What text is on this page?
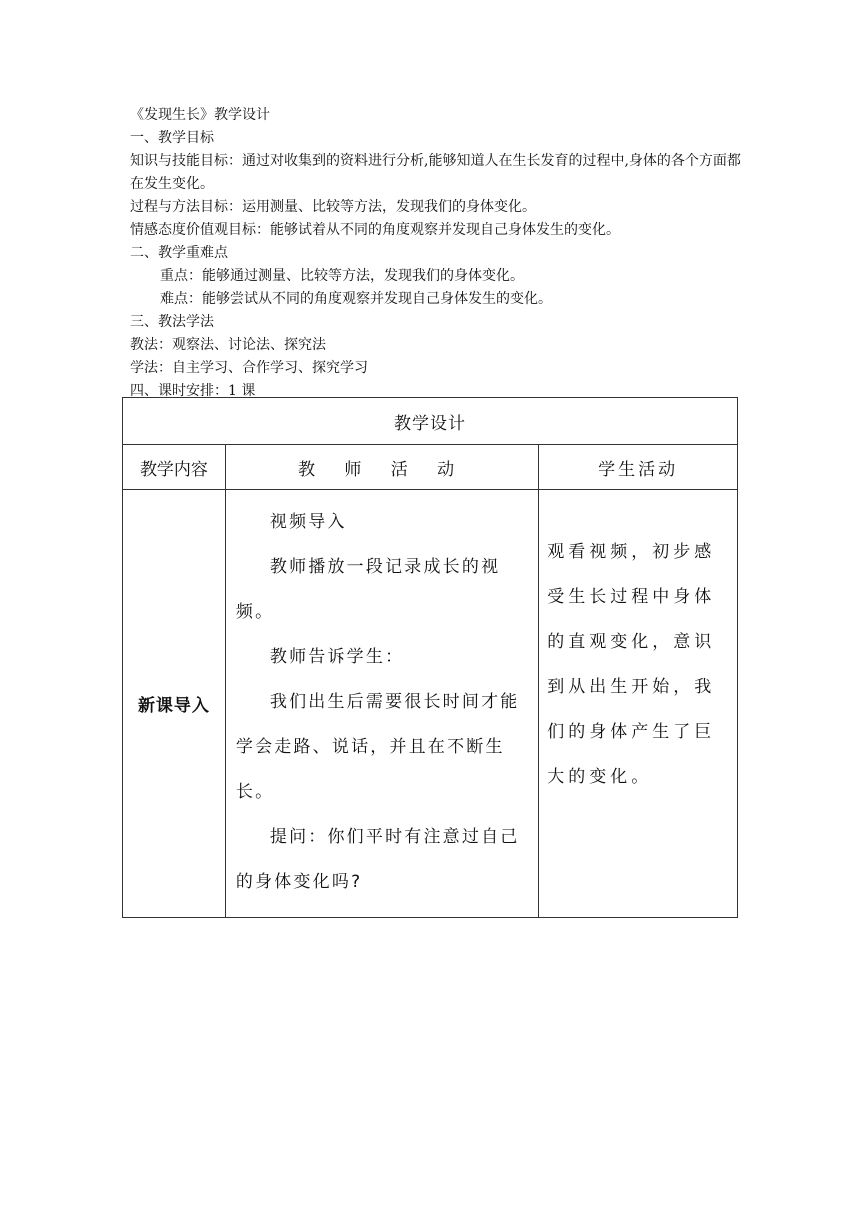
《发现生长》教学设计

一、教学目标

知识与技能目标：通过对收集到的资料进行分析,能够知道人在生长发育的过程中,身体的各个方面都在发生变化。

过程与方法目标：运用测量、比较等方法，发现我们的身体变化。

情感态度价值观目标：能够试着从不同的角度观察并发现自己身体发生的变化。

二、教学重难点

重点：能够通过测量、比较等方法，发现我们的身体变化。

难点：能够尝试从不同的角度观察并发现自己身体发生的变化。

三、教法学法

教法：观察法、讨论法、探究法

学法：自主学习、合作学习、探究学习

四、课时安排：1 课

教学设计		
教学内容	教 师 活 动	学生活动
新课导入	视频导入

教师播放一段记录成长的视频。

教师告诉学生：

我们出生后需要很长时间才能学会走路、说话，并且在不断生长。

提问：你们平时有注意过自己的身体变化吗?	观看视频，初步感受生长过程中身体的直观变化，意识到从出生开始，我们的身体产生了巨大的变化。
